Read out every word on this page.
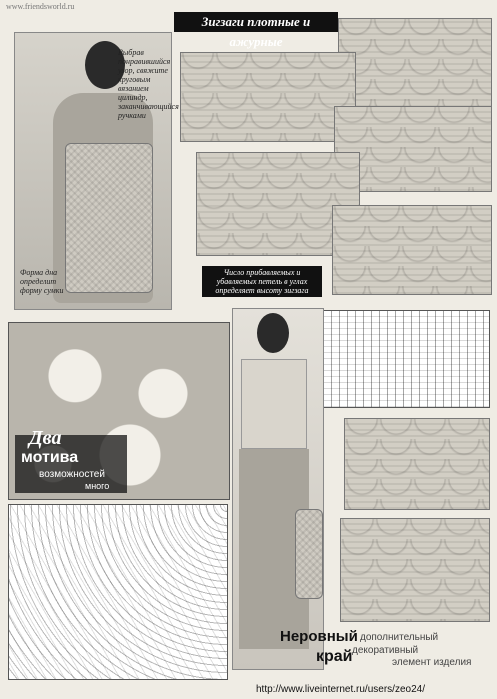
www.friendsworld.ru
Выбрав понравившийся узор, свяжите круговым вязанием цилиндр, заканчивающийся ручками
Форма дна определит форму сумки
Зигзаги плотные и ажурные
Число прибавляемых и убавляемых петель в углах определяет высоту зигзага
Два
мотива
возможностей
много
Неровный
край
дополнительный
декоративный
элемент изделия
http://www.liveinternet.ru/users/zeo24/
